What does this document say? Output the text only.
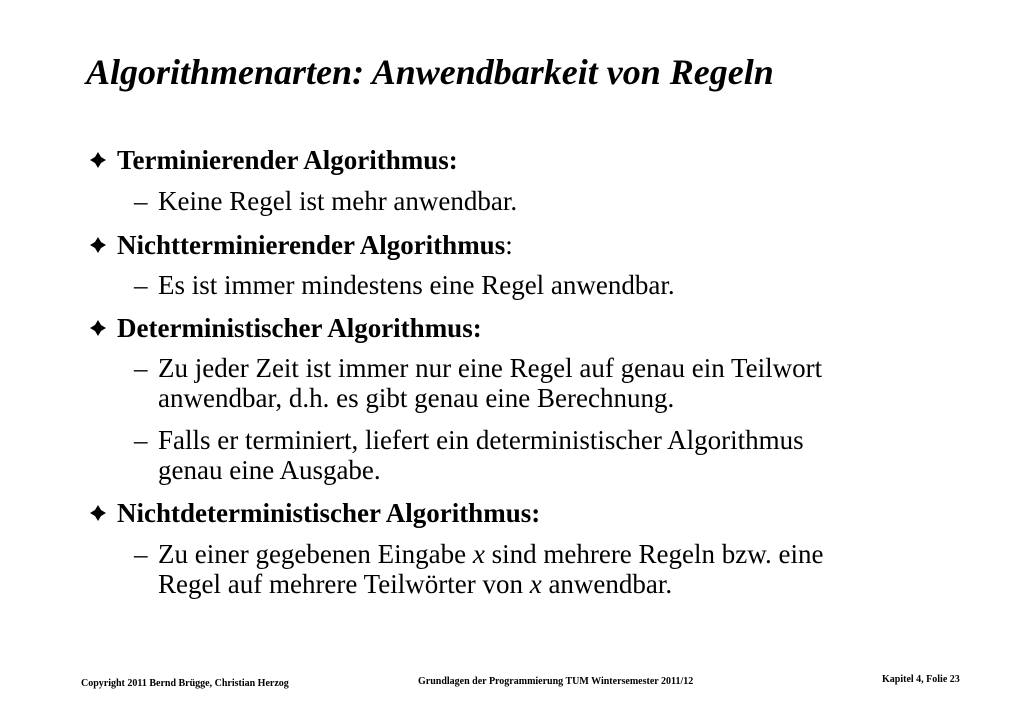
Algorithmenarten: Anwendbarkeit von Regeln
Terminierender Algorithmus:
– Keine Regel ist mehr anwendbar.
Nichtterminierender Algorithmus:
– Es ist immer mindestens eine Regel anwendbar.
Deterministischer Algorithmus:
– Zu jeder Zeit ist immer nur eine Regel auf genau ein Teilwort
anwendbar, d.h. es gibt genau eine Berechnung.
– Falls er terminiert, liefert ein deterministischer Algorithmus
genau eine Ausgabe.
Nichtdeterministischer Algorithmus:
– Zu einer gegebenen Eingabe x sind mehrere Regeln bzw. eine
Regel auf mehrere Teilwörter von x anwendbar.
Copyright 2011 Bernd Brügge, Christian Herzog	Grundlagen der Programmierung TUM Wintersemester 2011/12	Kapitel 4, Folie 23
